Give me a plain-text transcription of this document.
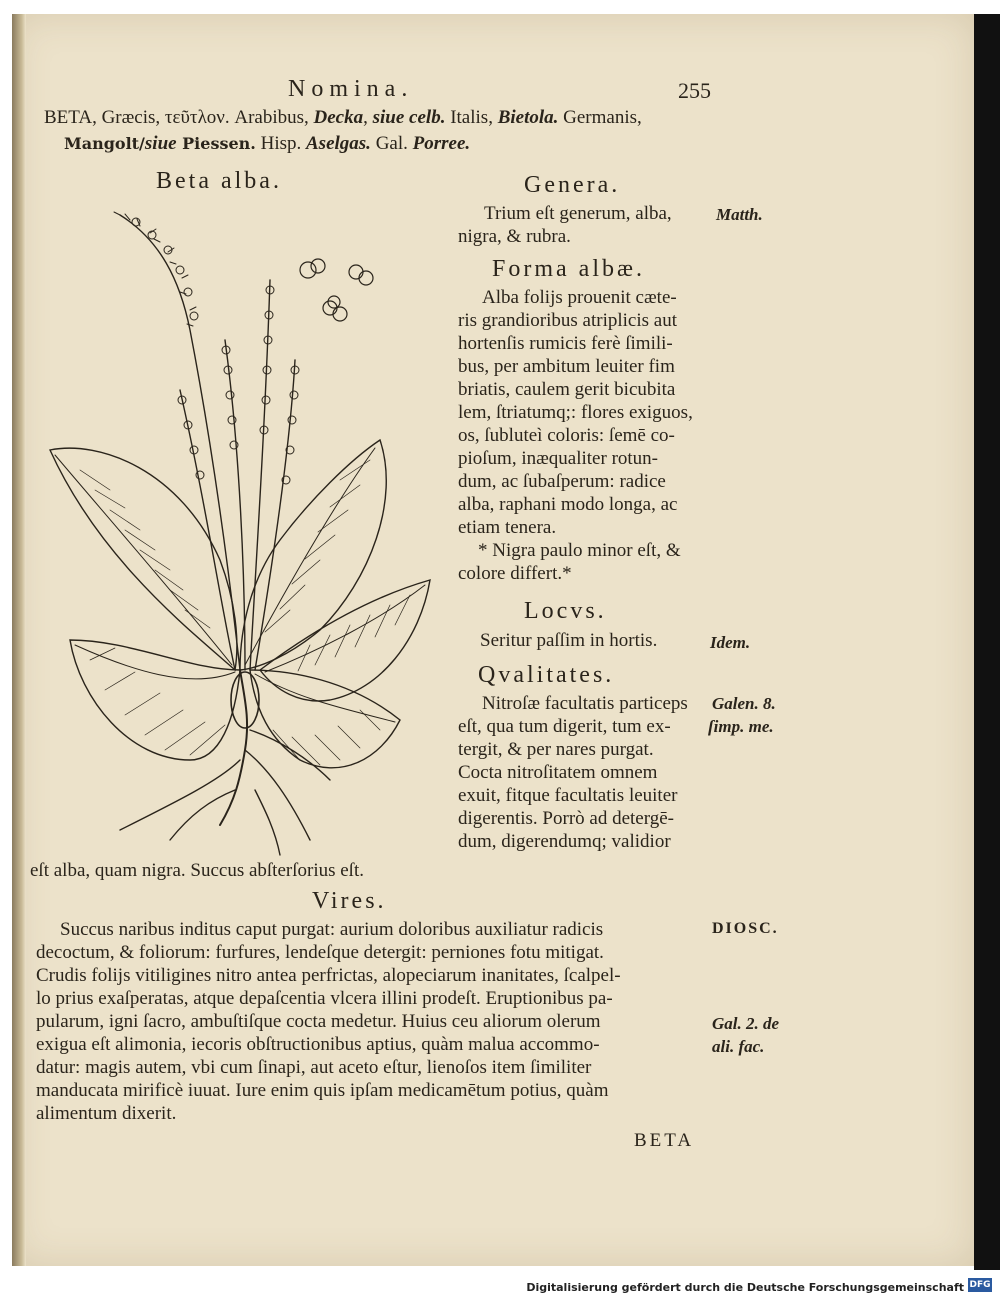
Nomina.	255
BETA, Græcis, τεῦτλον. Arabibus, Decka, siue celb. Italis, Bietola. Germanis,
Mangolt/siue Piessen. Hisp. Aselgas. Gal. Porree.
Beta alba.	Genera.
Trium eſt generum, alba,
nigra, & rubra.
Matth.
Forma albæ.
Alba folijs prouenit cæte-
ris grandioribus atriplicis aut
hortenſis rumicis ferè ſimili-
bus, per ambitum leuiter fim
briatis, caulem gerit bicubita
lem, ſtriatumq;: flores exiguos,
os, ſubluteì coloris: ſemē co-
pioſum, inæqualiter rotun-
dum, ac ſubaſperum: radice
alba, raphani modo longa, ac
etiam tenera.
* Nigra paulo minor eſt, &
colore differt.*
Locvs.
Seritur paſſim in hortis.	Idem.
Qvalitates.
Nitroſæ facultatis particeps
eſt, qua tum digerit, tum ex-
tergit, & per nares purgat.
Cocta nitroſitatem omnem
exuit, fitque facultatis leuiter
digerentis. Porrò ad detergē-
dum, digerendumq; validior
Galen. 8.
ſimp. me.
eſt alba, quam nigra. Succus abſterſorius eſt.
Vires.
Succus naribus inditus caput purgat: aurium doloribus auxiliatur radicis
decoctum, & foliorum: furfures, lendeſque detergit: perniones fotu mitigat.
Crudis folijs vitiligines nitro antea perfrictas, alopeciarum inanitates, ſcalpel-
lo prius exaſperatas, atque depaſcentia vlcera illini prodeſt. Eruptionibus pa-
pularum, igni ſacro, ambuſtiſque cocta medetur. Huius ceu aliorum olerum
exigua eſt alimonia, iecoris obſtructionibus aptius, quàm malua accommo-
datur: magis autem, vbi cum ſinapi, aut aceto eſtur, lienoſos item ſimiliter
manducata mirificè iuuat. Iure enim quis ipſam medicamētum potius, quàm
alimentum dixerit.
DIOSC.
Gal. 2. de
ali. fac.
BETA
Digitalisierung gefördert durch die Deutsche Forschungsgemeinschaft DFG
